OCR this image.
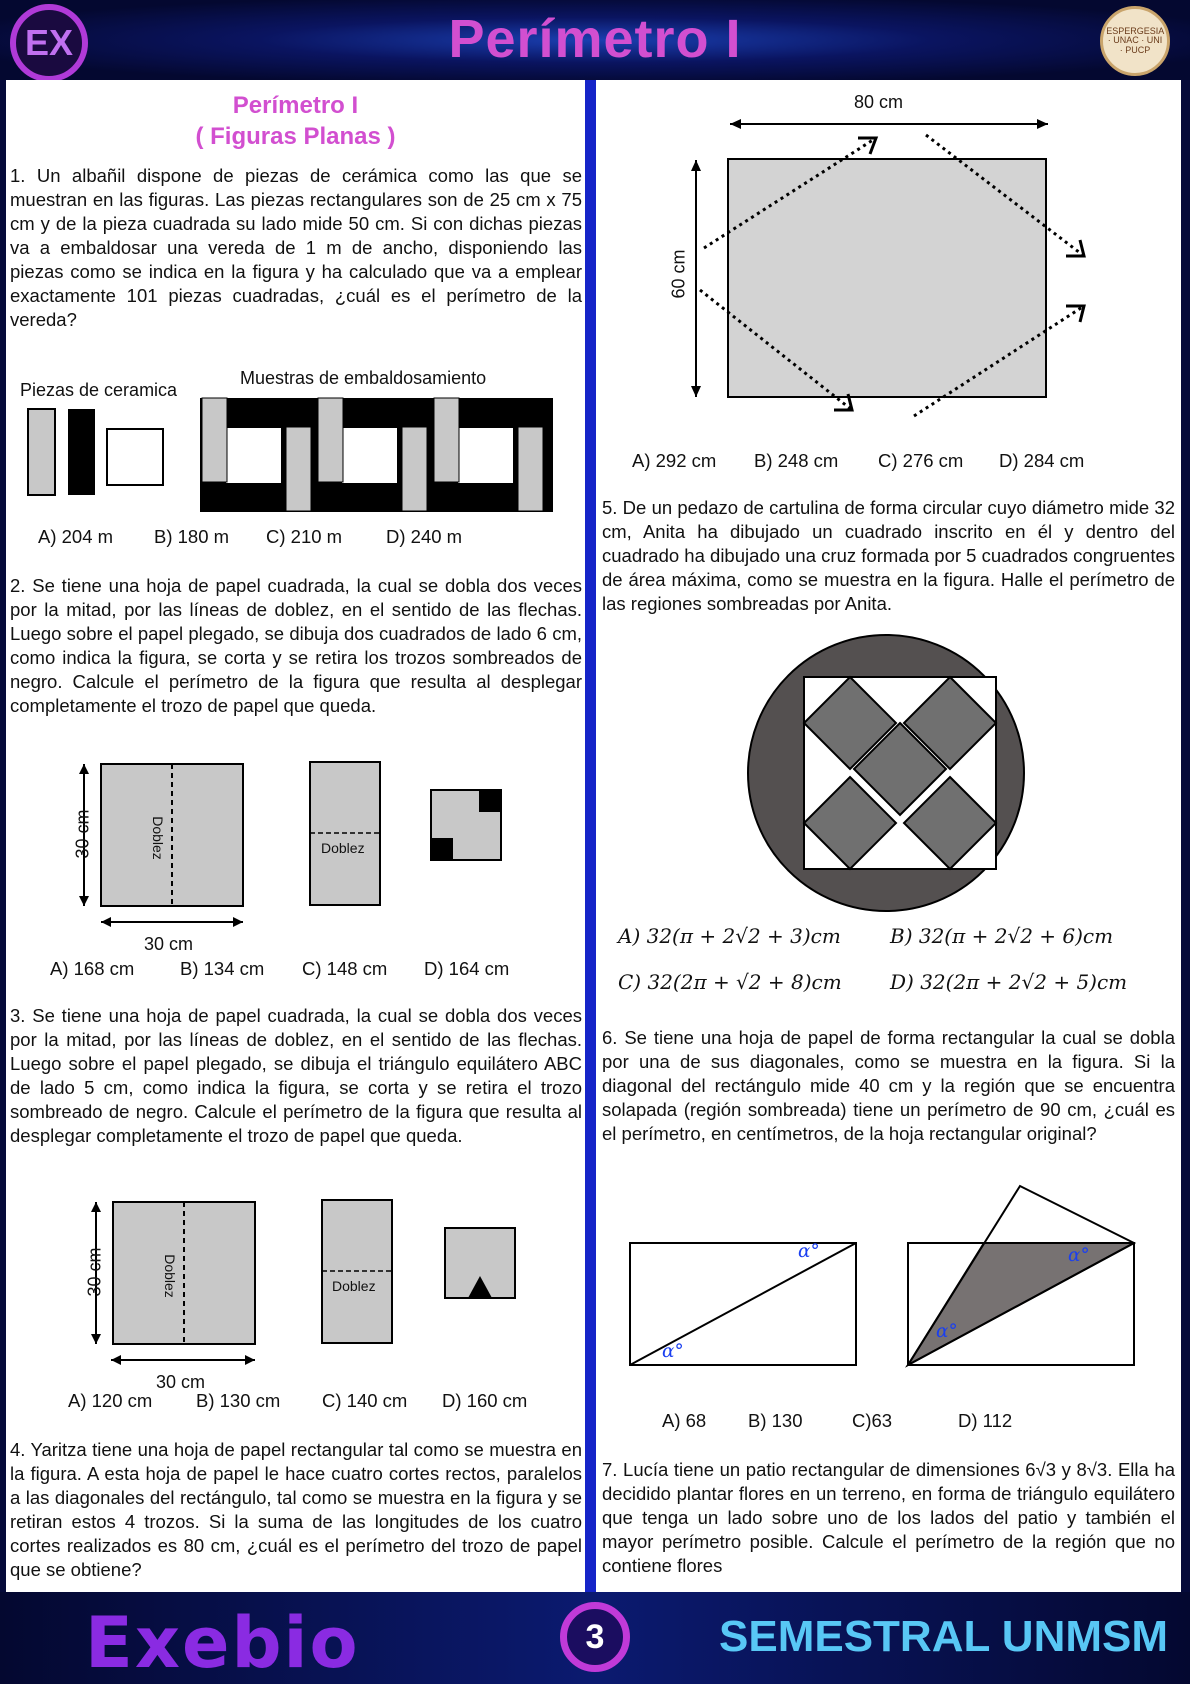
EX	Perímetro I	ESPERGESIA · UNAC · UNI · PUCP
Perímetro I
( Figuras Planas )
1. Un albañil dispone de piezas de cerámica como las que se muestran en las figuras. Las piezas rectangulares son de 25 cm x 75 cm y de la pieza cuadrada su lado mide 50 cm. Si con dichas piezas va a embaldosar una vereda de 1 m de ancho, disponiendo las piezas como se indica en la figura y ha calculado que va a emplear exactamente 101 piezas cuadradas, ¿cuál es el perímetro de la vereda?
Piezas de ceramica
Muestras de embaldosamiento
A) 204 m B) 180 m C) 210 m D) 240 m
2. Se tiene una hoja de papel cuadrada, la cual se dobla dos veces por la mitad, por las líneas de doblez, en el sentido de las flechas. Luego sobre el papel plegado, se dibuja dos cuadrados de lado 6 cm, como indica la figura, se corta y se retira los trozos sombreados de negro. Calcule el perímetro de la figura que resulta al desplegar completamente el trozo de papel que queda.
30 cm
30 cm
Doblez	Doblez
A) 168 cm B) 134 cm C) 148 cm D) 164 cm
3. Se tiene una hoja de papel cuadrada, la cual se dobla dos veces por la mitad, por las líneas de doblez, en el sentido de las flechas. Luego sobre el papel plegado, se dibuja el triángulo equilátero ABC de lado 5 cm, como indica la figura, se corta y se retira el trozo sombreado de negro. Calcule el perímetro de la figura que resulta al desplegar completamente el trozo de papel que queda.
30 cm
30 cm
Doblez	Doblez
A) 120 cm B) 130 cm C) 140 cm D) 160 cm
4. Yaritza tiene una hoja de papel rectangular tal como se muestra en la figura. A esta hoja de papel le hace cuatro cortes rectos, paralelos a las diagonales del rectángulo, tal como se muestra en la figura y se retiran estos 4 trozos. Si la suma de las longitudes de los cuatro cortes realizados es 80 cm, ¿cuál es el perímetro del trozo de papel que se obtiene?
80 cm
60 cm
A) 292 cm B) 248 cm C) 276 cm D) 284 cm
5. De un pedazo de cartulina de forma circular cuyo diámetro mide 32 cm, Anita ha dibujado un cuadrado inscrito en él y dentro del cuadrado ha dibujado una cruz formada por 5 cuadrados congruentes de área máxima, como se muestra en la figura. Halle el perímetro de las regiones sombreadas por Anita.
A) 32(π + 2√2 + 3)cm B) 32(π + 2√2 + 6)cm
C) 32(2π + √2 + 8)cm D) 32(2π + 2√2 + 5)cm
6. Se tiene una hoja de papel de forma rectangular la cual se dobla por una de sus diagonales, como se muestra en la figura. Si la diagonal del rectángulo mide 40 cm y la región que se encuentra solapada (región sombreada) tiene un perímetro de 90 cm, ¿cuál es el perímetro, en centímetros, de la hoja rectangular original?
α°
α°
α°
α°
A) 68 B) 130	C)63	D) 112
7. Lucía tiene un patio rectangular de dimensiones 6√3 y 8√3. Ella ha decidido plantar flores en un terreno, en forma de triángulo equilátero que tenga un lado sobre uno de los lados del patio y también el mayor perímetro posible. Calcule el perímetro de la región que no contiene flores
Exebio	3	SEMESTRAL UNMSM
